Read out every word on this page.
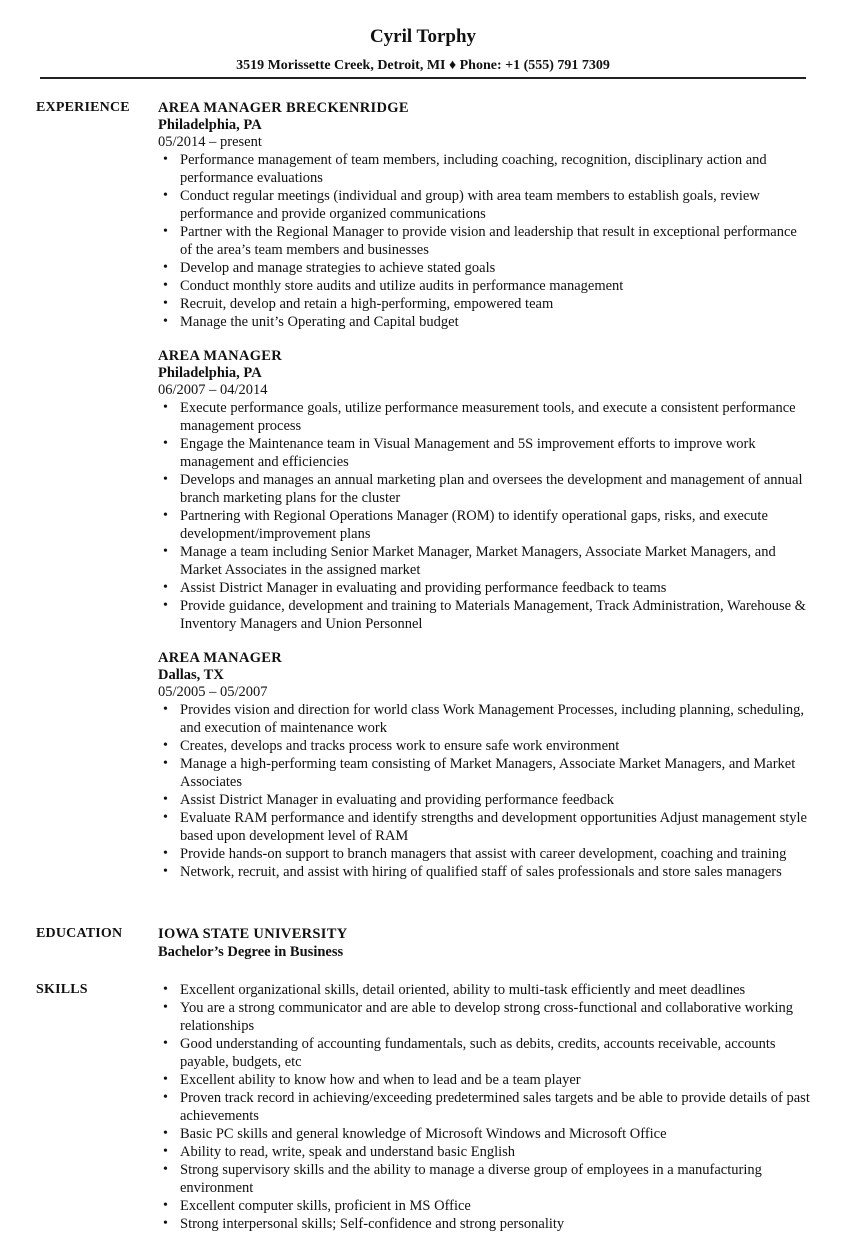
Cyril Torphy
3519 Morissette Creek, Detroit, MI ♦ Phone: +1 (555) 791 7309
EXPERIENCE AREA MANAGER BRECKENRIDGE
Philadelphia, PA
05/2014 – present
• Performance management of team members, including coaching, recognition, disciplinary action and performance evaluations
• Conduct regular meetings (individual and group) with area team members to establish goals, review performance and provide organized communications
• Partner with the Regional Manager to provide vision and leadership that result in exceptional performance of the area’s team members and businesses
• Develop and manage strategies to achieve stated goals
• Conduct monthly store audits and utilize audits in performance management
• Recruit, develop and retain a high-performing, empowered team
• Manage the unit’s Operating and Capital budget
AREA MANAGER
Philadelphia, PA
06/2007 – 04/2014
• Execute performance goals, utilize performance measurement tools, and execute a consistent performance management process
• Engage the Maintenance team in Visual Management and 5S improvement efforts to improve work management and efficiencies
• Develops and manages an annual marketing plan and oversees the development and management of annual branch marketing plans for the cluster
• Partnering with Regional Operations Manager (ROM) to identify operational gaps, risks, and execute development/improvement plans
• Manage a team including Senior Market Manager, Market Managers, Associate Market Managers, and Market Associates in the assigned market
• Assist District Manager in evaluating and providing performance feedback to teams
• Provide guidance, development and training to Materials Management, Track Administration, Warehouse & Inventory Managers and Union Personnel
AREA MANAGER
Dallas, TX
05/2005 – 05/2007
• Provides vision and direction for world class Work Management Processes, including planning, scheduling, and execution of maintenance work
• Creates, develops and tracks process work to ensure safe work environment
• Manage a high-performing team consisting of Market Managers, Associate Market Managers, and Market Associates
• Assist District Manager in evaluating and providing performance feedback
• Evaluate RAM performance and identify strengths and development opportunities Adjust management style based upon development level of RAM
• Provide hands-on support to branch managers that assist with career development, coaching and training
• Network, recruit, and assist with hiring of qualified staff of sales professionals and store sales managers
EDUCATION IOWA STATE UNIVERSITY
Bachelor’s Degree in Business
SKILLS
•	Excellent organizational skills, detail oriented, ability to multi-task efficiently and meet deadlines
• You are a strong communicator and are able to develop strong cross-functional and collaborative working relationships
• Good understanding of accounting fundamentals, such as debits, credits, accounts receivable, accounts payable, budgets, etc
• Excellent ability to know how and when to lead and be a team player
• Proven track record in achieving/exceeding predetermined sales targets and be able to provide details of past achievements
• Basic PC skills and general knowledge of Microsoft Windows and Microsoft Office
• Ability to read, write, speak and understand basic English
• Strong supervisory skills and the ability to manage a diverse group of employees in a manufacturing environment
• Excellent computer skills, proficient in MS Office
• Strong interpersonal skills; Self-confidence and strong personality
